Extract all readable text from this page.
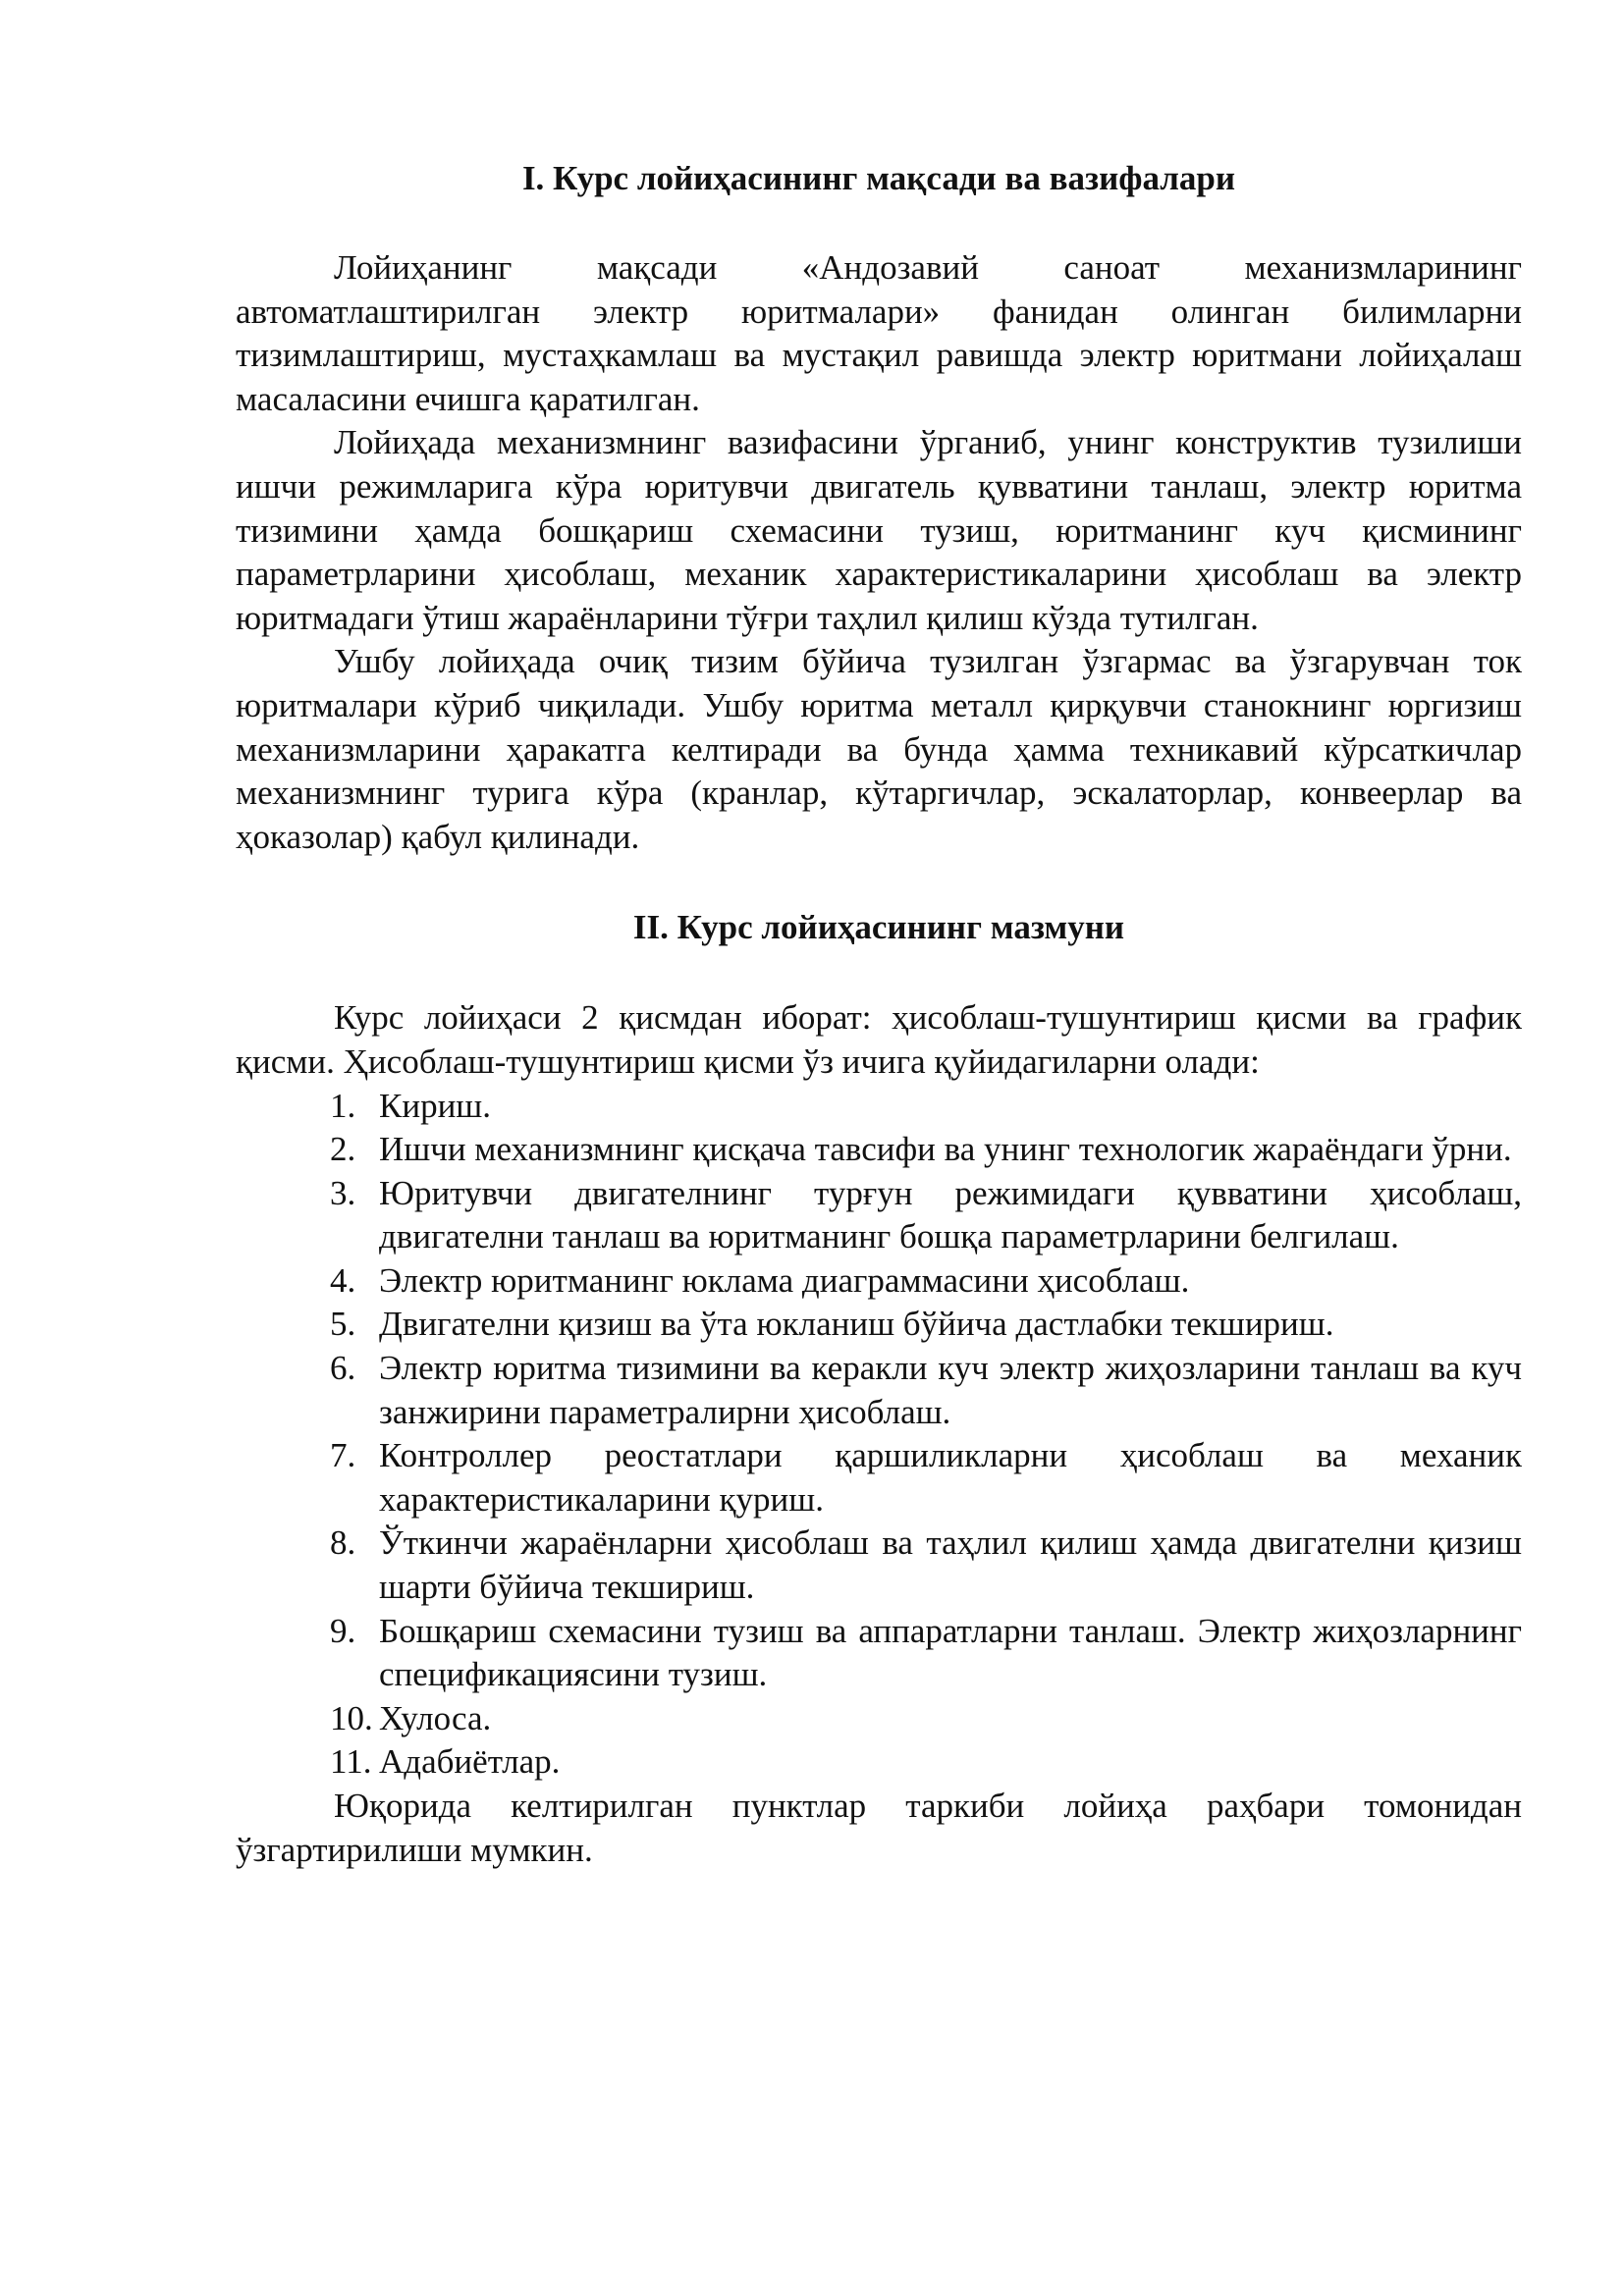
I. Курс лойиҳасининг мақсади ва вазифалари

Лойиҳанинг мақсади «Андозавий саноат механизмларининг автоматлаштирилган электр юритмалари» фанидан олинган билимларни тизимлаштириш, мустаҳкамлаш ва мустақил равишда электр юритмани лойиҳалаш масаласини ечишга қаратилган.

Лойиҳада механизмнинг вазифасини ўрганиб, унинг конструктив тузилиши ишчи режимларига кўра юритувчи двигатель қувватини танлаш, электр юритма тизимини ҳамда бошқариш схемасини тузиш, юритманинг куч қисмининг параметрларини ҳисоблаш, механик характеристикаларини ҳисоблаш ва электр юритмадаги ўтиш жараёнларини тўғри таҳлил қилиш кўзда тутилган.

Ушбу лойиҳада очиқ тизим бўйича тузилган ўзгармас ва ўзгарувчан ток юритмалари кўриб чиқилади. Ушбу юритма металл қирқувчи станокнинг юргизиш механизмларини ҳаракатга келтиради ва бунда ҳамма техникавий кўрсаткичлар механизмнинг турига кўра (кранлар, кўтаргичлар, эскалаторлар, конвеерлар ва ҳоказолар) қабул қилинади.

II. Курс лойиҳасининг мазмуни

Курс лойиҳаси 2 қисмдан иборат: ҳисоблаш-тушунтириш қисми ва график қисми. Ҳисоблаш-тушунтириш қисми ўз ичига қуйидагиларни олади:

1. Кириш.
2. Ишчи механизмнинг қисқача тавсифи ва унинг технологик жараёндаги ўрни.
3. Юритувчи двигателнинг турғун режимидаги қувватини ҳисоблаш, двигателни танлаш ва юритманинг бошқа параметрларини белгилаш.
4. Электр юритманинг юклама диаграммасини ҳисоблаш.
5. Двигателни қизиш ва ўта юкланиш бўйича дастлабки текшириш.
6. Электр юритма тизимини ва керакли куч электр жиҳозларини танлаш ва куч занжирини параметралирни ҳисоблаш.
7. Контроллер реостатлари қаршиликларни ҳисоблаш ва механик характеристикаларини қуриш.
8. Ўткинчи жараёнларни ҳисоблаш ва таҳлил қилиш ҳамда двигателни қизиш шарти бўйича текшириш.
9. Бошқариш схемасини тузиш ва аппаратларни танлаш. Электр жиҳозларнинг спецификациясини тузиш.
10. Хулоса.
11. Адабиётлар.

Юқорида келтирилган пунктлар таркиби лойиҳа раҳбари томонидан ўзгартирилиши мумкин.
